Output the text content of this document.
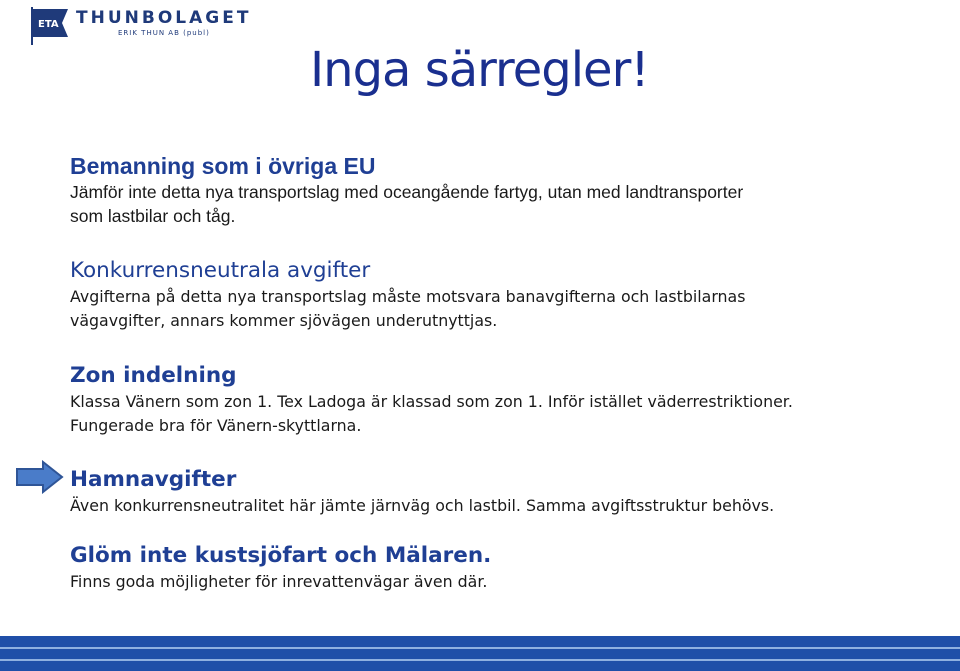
ETA THUNBOLAGET
ERIK THUN AB (publ)
Inga särregler!

Bemanning som i övriga EU

Jämför inte detta nya transportslag med oceangående fartyg, utan med landtransporter

som lastbilar och tåg.

Konkurrensneutrala avgifter

Avgifterna på detta nya transportslag måste motsvara banavgifterna och lastbilarnas

vägavgifter, annars kommer sjövägen underutnyttjas.

Zon indelning

Klassa Vänern som zon 1. Tex Ladoga är klassad som zon 1. Inför istället väderrestriktioner.

Fungerade bra för Vänern-skyttlarna.

Hamnavgifter

Även konkurrensneutralitet här jämte järnväg och lastbil. Samma avgiftsstruktur behövs.

Glöm inte kustsjöfart och Mälaren.

Finns goda möjligheter för inrevattenvägar även där.
